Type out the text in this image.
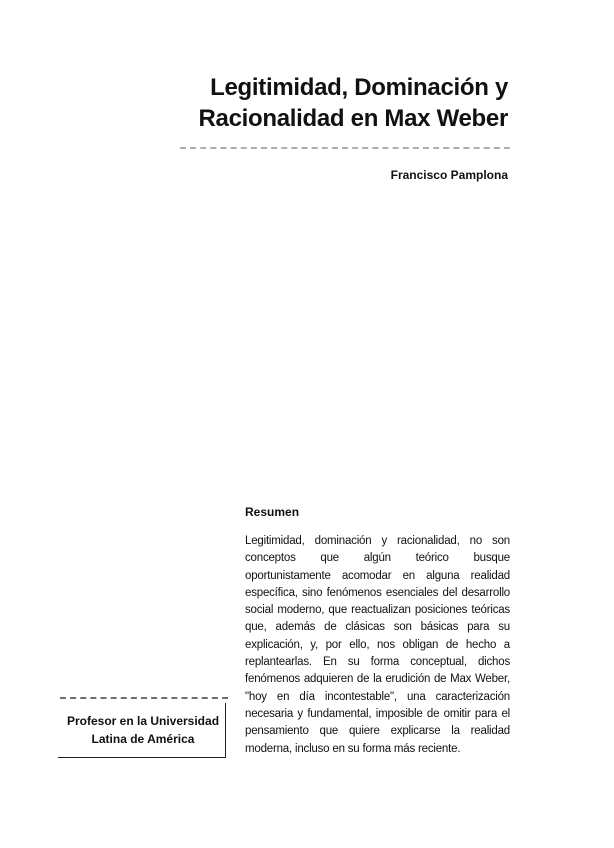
Legitimidad, Dominación y
Racionalidad en Max Weber
Francisco Pamplona
Resumen

Legitimidad, dominación y racionalidad, no son conceptos que algún teórico busque oportunistamente acomodar en alguna realidad específica, sino fenómenos esenciales del desarrollo social moderno, que reactualizan posiciones teóricas que, además de clásicas son básicas para su explicación, y, por ello, nos obligan de hecho a replantearlas. En su forma conceptual, dichos fenómenos adquieren de la erudición de Max Weber, "hoy en día incontestable", una caracterización necesaria y fundamental, imposible de omitir para el pensamiento que quiere explicarse la realidad moderna, incluso en su forma más reciente.

Profesor en la Universidad
Latina de América
